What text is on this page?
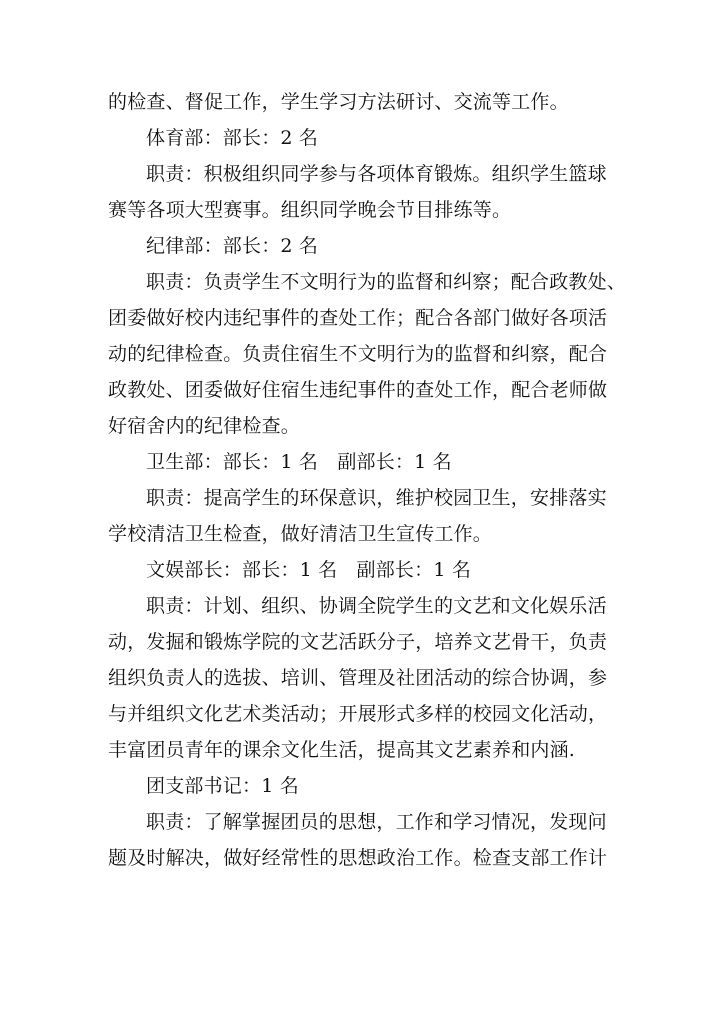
的检查、督促工作，学生学习方法研讨、交流等工作。
体育部：部长：2 名
职责：积极组织同学参与各项体育锻炼。组织学生篮球
赛等各项大型赛事。组织同学晚会节目排练等。
纪律部：部长：2 名
职责：负责学生不文明行为的监督和纠察；配合政教处、
团委做好校内违纪事件的查处工作；配合各部门做好各项活
动的纪律检查。负责住宿生不文明行为的监督和纠察，配合
政教处、团委做好住宿生违纪事件的查处工作，配合老师做
好宿舍内的纪律检查。
卫生部：部长：1 名　副部长：1 名
职责：提高学生的环保意识，维护校园卫生，安排落实
学校清洁卫生检查，做好清洁卫生宣传工作。
文娱部长：部长：1 名　副部长：1 名
职责：计划、组织、协调全院学生的文艺和文化娱乐活
动，发掘和锻炼学院的文艺活跃分子，培养文艺骨干，负责
组织负责人的选拔、培训、管理及社团活动的综合协调，参
与并组织文化艺术类活动；开展形式多样的校园文化活动，
丰富团员青年的课余文化生活，提高其文艺素养和内涵.
团支部书记：1 名
职责：了解掌握团员的思想，工作和学习情况，发现问
题及时解决，做好经常性的思想政治工作。检查支部工作计
